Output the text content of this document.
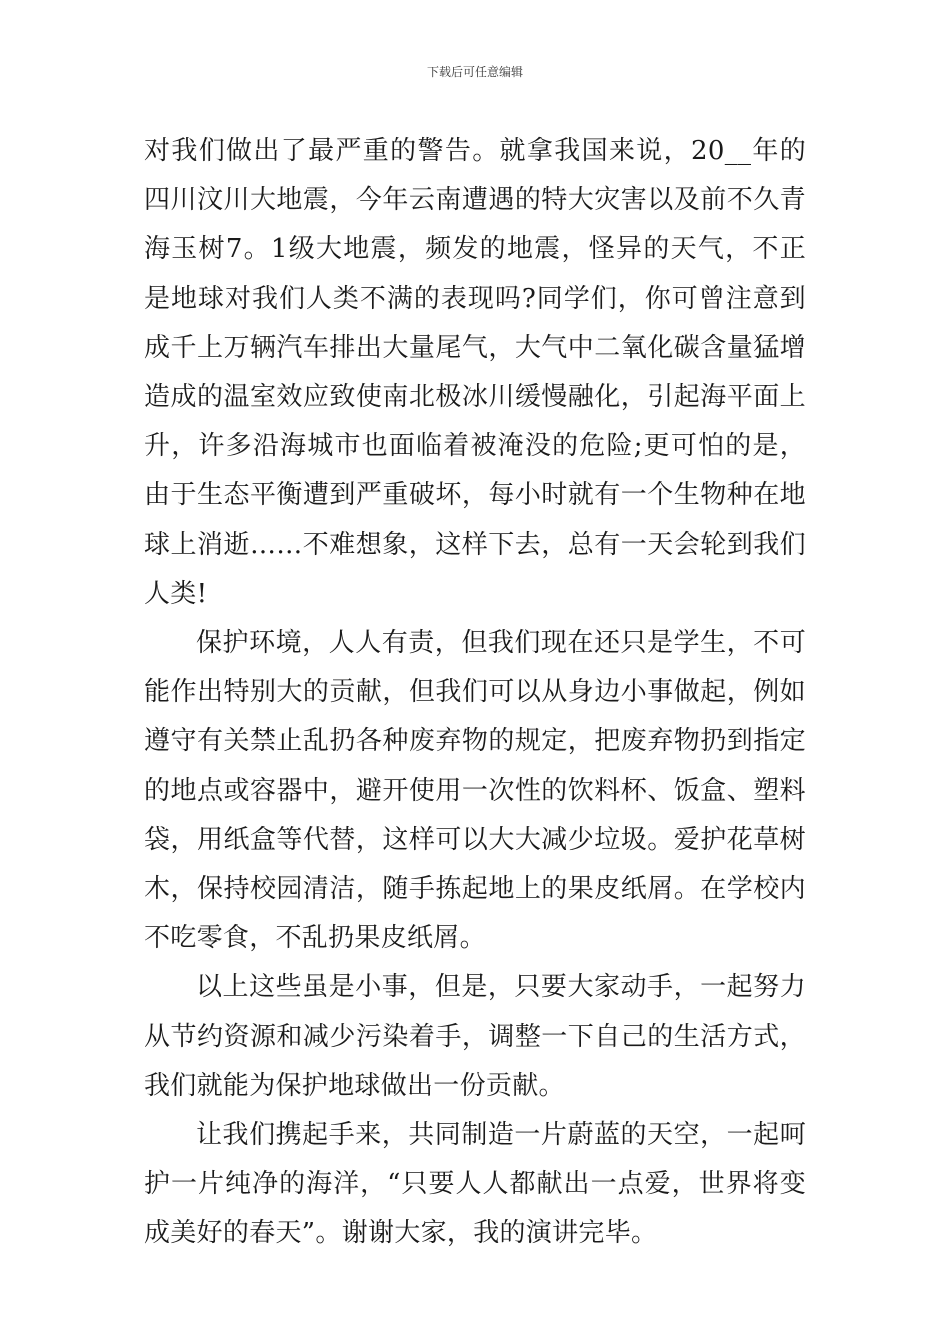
下载后可任意编辑

对我们做出了最严重的警告。就拿我国来说，20__年的四川汶川大地震，今年云南遭遇的特大灾害以及前不久青海玉树7。1级大地震，频发的地震，怪异的天气，不正是地球对我们人类不满的表现吗?同学们，你可曾注意到成千上万辆汽车排出大量尾气，大气中二氧化碳含量猛增造成的温室效应致使南北极冰川缓慢融化，引起海平面上升，许多沿海城市也面临着被淹没的危险;更可怕的是，由于生态平衡遭到严重破坏，每小时就有一个生物种在地球上消逝……不难想象，这样下去，总有一天会轮到我们人类!

保护环境，人人有责，但我们现在还只是学生，不可能作出特别大的贡献，但我们可以从身边小事做起，例如遵守有关禁止乱扔各种废弃物的规定，把废弃物扔到指定的地点或容器中，避开使用一次性的饮料杯、饭盒、塑料袋，用纸盒等代替，这样可以大大减少垃圾。爱护花草树木，保持校园清洁，随手拣起地上的果皮纸屑。在学校内不吃零食，不乱扔果皮纸屑。

以上这些虽是小事，但是，只要大家动手，一起努力从节约资源和减少污染着手，调整一下自己的生活方式，我们就能为保护地球做出一份贡献。

让我们携起手来，共同制造一片蔚蓝的天空，一起呵护一片纯净的海洋，“只要人人都献出一点爱，世界将变成美好的春天”。谢谢大家，我的演讲完毕。
